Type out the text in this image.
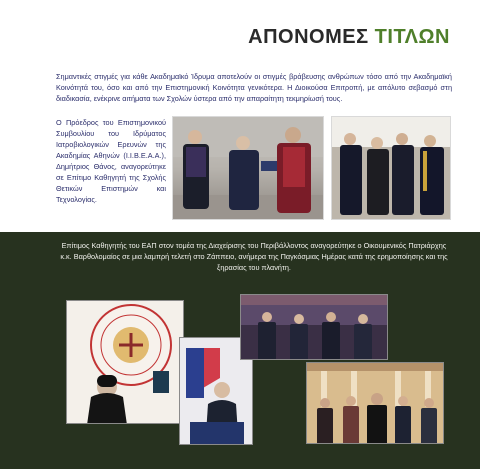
ΑΠΟΝΟΜΕΣ ΤΙΤΛΩΝ

Σημαντικές στιγμές για κάθε Ακαδημαϊκό Ίδρυμα αποτελούν οι στιγμές βράβευσης ανθρώπων τόσο από την Ακαδημαϊκή Κοινότητά του, όσο και από την Επιστημονική Κοινότητα γενικότερα. Η Διοικούσα Επιτροπή, με απόλυτο σεβασμό στη διαδικασία, ενέκρινε αιτήματα των Σχολών ύστερα από την απαραίτητη τεκμηρίωσή τους.

Ο Πρόεδρος του Επιστημονικού Συμβουλίου του Ιδρύματος Ιατροβιολογικών Ερευνών της Ακαδημίας Αθηνών (Ι.Ι.Β.Ε.Α.Α.), Δημήτριος Θάνος, αναγορεύτηκε σε Επίτιμο Καθηγητή της Σχολής Θετικών Επιστημών και Τεχνολογίας.

Επίτιμος Καθηγητής του ΕΑΠ στον τομέα της Διαχείρισης του Περιβάλλοντος αναγορεύτηκε ο Οικουμενικός Πατριάρχης κ.κ. Βαρθολομαίος σε μια λαμπρή τελετή στο Ζάππειο, ανήμερα της Παγκόσμιας Ημέρας κατά της ερημοποίησης και της ξηρασίας του πλανήτη.
